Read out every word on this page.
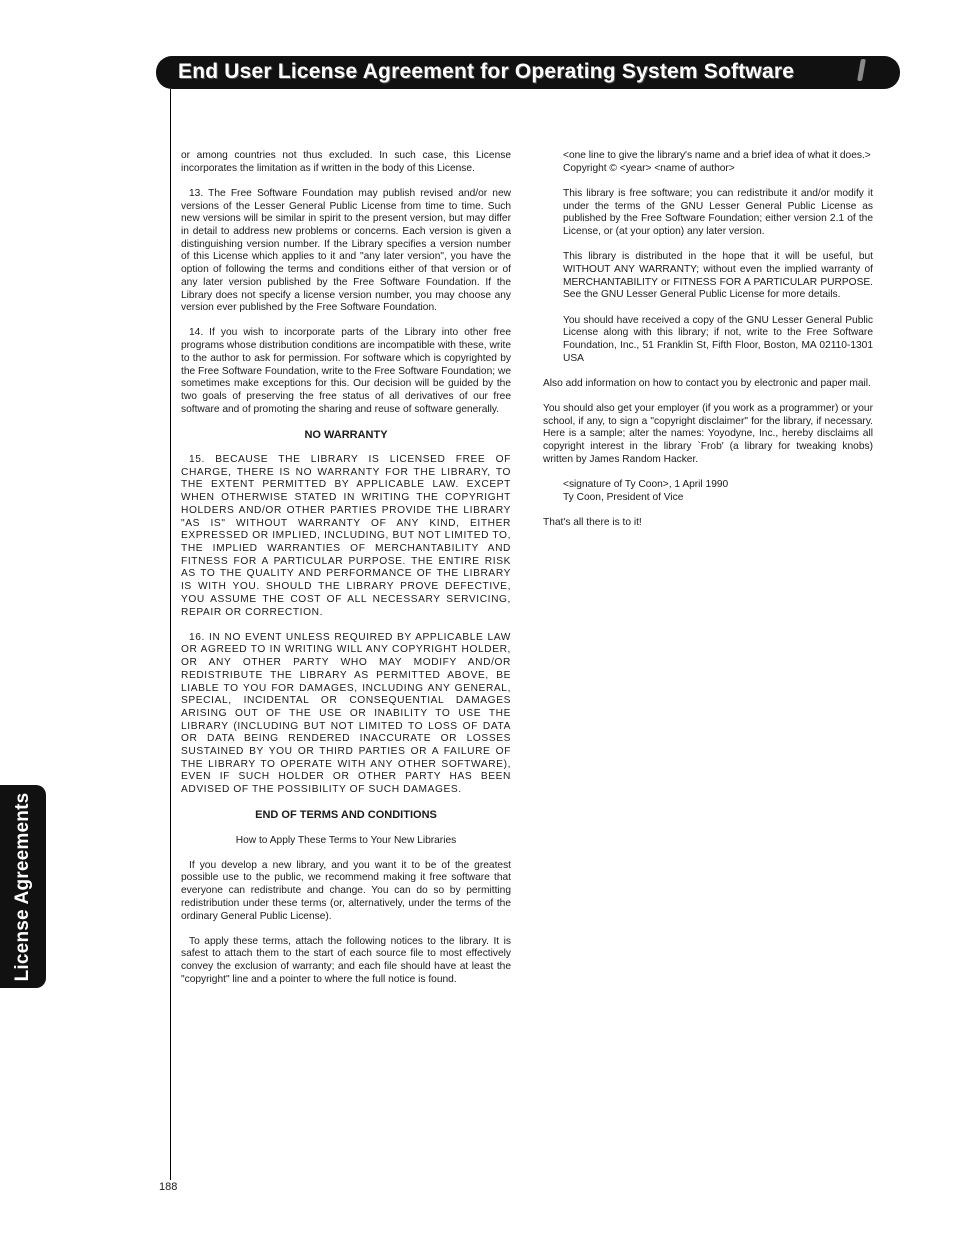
End User License Agreement for Operating System Software
License Agreements

or among countries not thus excluded. In such case, this License incorporates the limitation as if written in the body of this License.

13. The Free Software Foundation may publish revised and/or new versions of the Lesser General Public License from time to time. Such new versions will be similar in spirit to the present version, but may differ in detail to address new problems or concerns. Each version is given a distinguishing version number. If the Library specifies a version number of this License which applies to it and "any later version", you have the option of following the terms and conditions either of that version or of any later version published by the Free Software Foundation. If the Library does not specify a license version number, you may choose any version ever published by the Free Software Foundation.

14. If you wish to incorporate parts of the Library into other free programs whose distribution conditions are incompatible with these, write to the author to ask for permission. For software which is copyrighted by the Free Software Foundation, write to the Free Software Foundation; we sometimes make exceptions for this. Our decision will be guided by the two goals of preserving the free status of all derivatives of our free software and of promoting the sharing and reuse of software generally.

NO WARRANTY

15. BECAUSE THE LIBRARY IS LICENSED FREE OF CHARGE, THERE IS NO WARRANTY FOR THE LIBRARY, TO THE EXTENT PERMITTED BY APPLICABLE LAW. EXCEPT WHEN OTHERWISE STATED IN WRITING THE COPYRIGHT HOLDERS AND/OR OTHER PARTIES PROVIDE THE LIBRARY "AS IS" WITHOUT WARRANTY OF ANY KIND, EITHER EXPRESSED OR IMPLIED, INCLUDING, BUT NOT LIMITED TO, THE IMPLIED WARRANTIES OF MERCHANTABILITY AND FITNESS FOR A PARTICULAR PURPOSE. THE ENTIRE RISK AS TO THE QUALITY AND PERFORMANCE OF THE LIBRARY IS WITH YOU. SHOULD THE LIBRARY PROVE DEFECTIVE, YOU ASSUME THE COST OF ALL NECESSARY SERVICING, REPAIR OR CORRECTION.

16. IN NO EVENT UNLESS REQUIRED BY APPLICABLE LAW OR AGREED TO IN WRITING WILL ANY COPYRIGHT HOLDER, OR ANY OTHER PARTY WHO MAY MODIFY AND/OR REDISTRIBUTE THE LIBRARY AS PERMITTED ABOVE, BE LIABLE TO YOU FOR DAMAGES, INCLUDING ANY GENERAL, SPECIAL, INCIDENTAL OR CONSEQUENTIAL DAMAGES ARISING OUT OF THE USE OR INABILITY TO USE THE LIBRARY (INCLUDING BUT NOT LIMITED TO LOSS OF DATA OR DATA BEING RENDERED INACCURATE OR LOSSES SUSTAINED BY YOU OR THIRD PARTIES OR A FAILURE OF THE LIBRARY TO OPERATE WITH ANY OTHER SOFTWARE), EVEN IF SUCH HOLDER OR OTHER PARTY HAS BEEN ADVISED OF THE POSSIBILITY OF SUCH DAMAGES.

END OF TERMS AND CONDITIONS

How to Apply These Terms to Your New Libraries

If you develop a new library, and you want it to be of the greatest possible use to the public, we recommend making it free software that everyone can redistribute and change. You can do so by permitting redistribution under these terms (or, alternatively, under the terms of the ordinary General Public License).

To apply these terms, attach the following notices to the library. It is safest to attach them to the start of each source file to most effectively convey the exclusion of warranty; and each file should have at least the "copyright" line and a pointer to where the full notice is found.

<one line to give the library's name and a brief idea of what it does.>
Copyright © <year> <name of author>

This library is free software; you can redistribute it and/or modify it under the terms of the GNU Lesser General Public License as published by the Free Software Foundation; either version 2.1 of the License, or (at your option) any later version.

This library is distributed in the hope that it will be useful, but WITHOUT ANY WARRANTY; without even the implied warranty of MERCHANTABILITY or FITNESS FOR A PARTICULAR PURPOSE. See the GNU Lesser General Public License for more details.

You should have received a copy of the GNU Lesser General Public License along with this library; if not, write to the Free Software Foundation, Inc., 51 Franklin St, Fifth Floor, Boston, MA 02110-1301 USA

Also add information on how to contact you by electronic and paper mail.

You should also get your employer (if you work as a programmer) or your school, if any, to sign a "copyright disclaimer" for the library, if necessary. Here is a sample; alter the names: Yoyodyne, Inc., hereby disclaims all copyright interest in the library `Frob' (a library for tweaking knobs) written by James Random Hacker.

<signature of Ty Coon>, 1 April 1990
Ty Coon, President of Vice

That's all there is to it!

188
